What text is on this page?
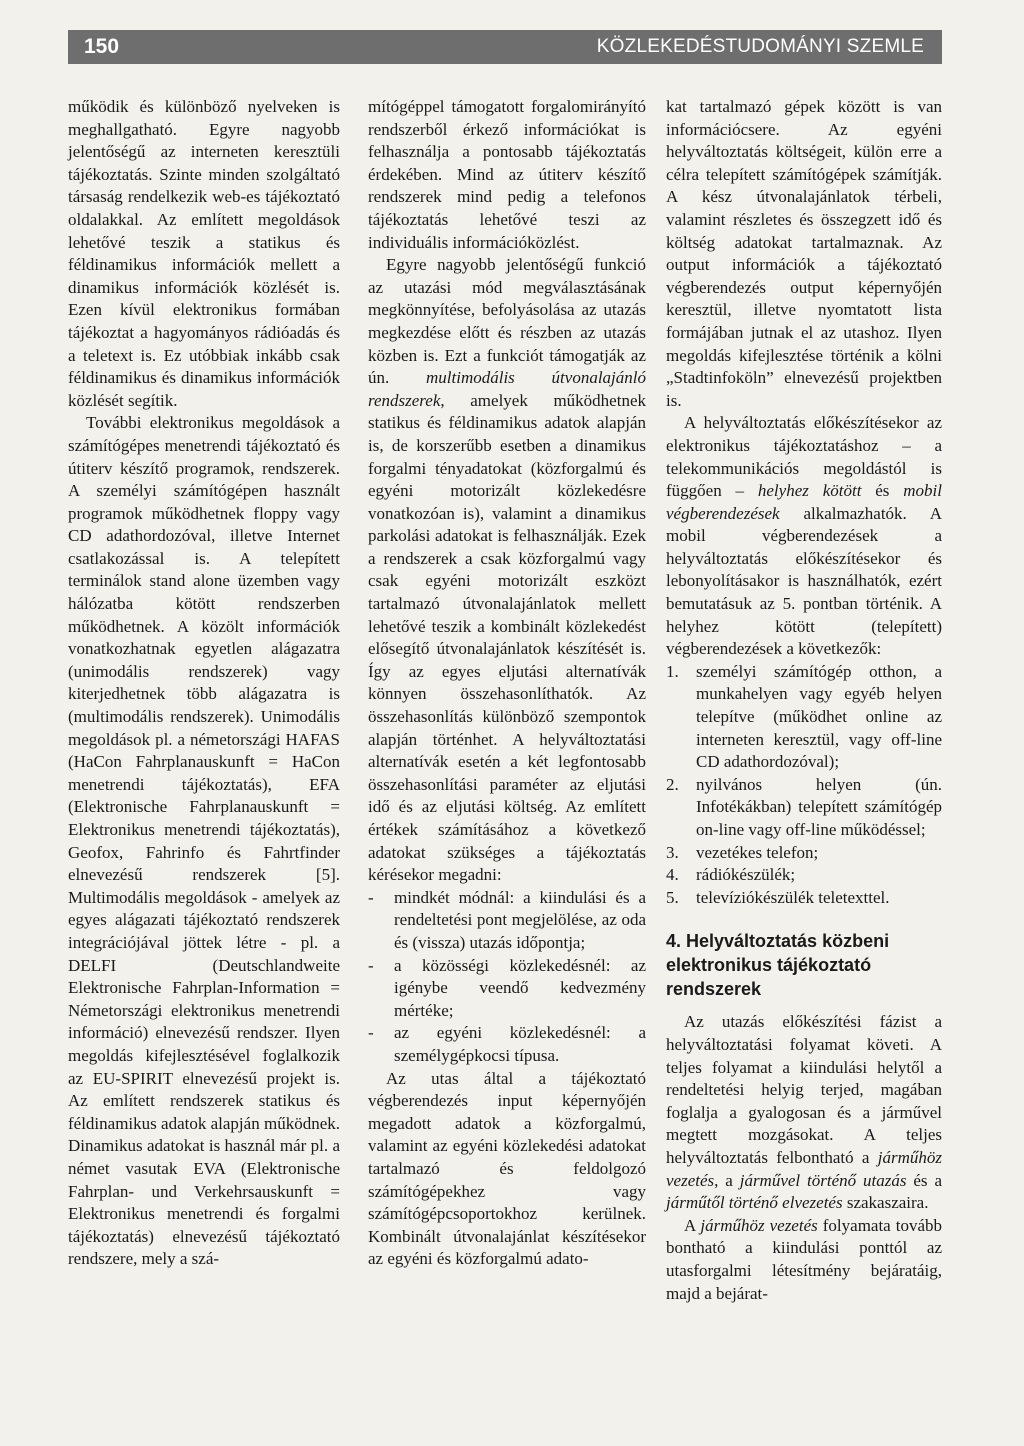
150	KÖZLEKEDÉSTUDOMÁNYI SZEMLE

működik és különböző nyelveken is meghallgatható. Egyre nagyobb jelentőségű az interneten keresztüli tájékoztatás. Szinte minden szolgáltató társaság rendelkezik web-es tájékoztató oldalakkal. Az említett megoldások lehetővé teszik a statikus és féldinamikus információk mellett a dinamikus információk közlését is. Ezen kívül elektronikus formában tájékoztat a hagyományos rádióadás és a teletext is. Ez utóbbiak inkább csak féldinamikus és dinamikus információk közlését segítik.

További elektronikus megoldások a számítógépes menetrendi tájékoztató és útiterv készítő programok, rendszerek. A személyi számítógépen használt programok működhetnek floppy vagy CD adathordozóval, illetve Internet csatlakozással is. A telepített terminálok stand alone üzemben vagy hálózatba kötött rendszerben működhetnek. A közölt információk vonatkozhatnak egyetlen alágazatra (unimodális rendszerek) vagy kiterjedhetnek több alágazatra is (multimodális rendszerek). Unimodális megoldások pl. a németországi HAFAS (HaCon Fahrplanauskunft = HaCon menetrendi tájékoztatás), EFA (Elektronische Fahrplanauskunft = Elektronikus menetrendi tájékoztatás), Geofox, Fahrinfo és Fahrtfinder elnevezésű rendszerek [5]. Multimodális megoldások - amelyek az egyes alágazati tájékoztató rendszerek integrációjával jöttek létre - pl. a DELFI (Deutschlandweite Elektronische Fahrplan-Information = Németországi elektronikus menetrendi információ) elnevezésű rendszer. Ilyen megoldás kifejlesztésével foglalkozik az EU-SPIRIT elnevezésű projekt is. Az említett rendszerek statikus és féldinamikus adatok alapján működnek. Dinamikus adatokat is használ már pl. a német vasutak EVA (Elektronische Fahrplan- und Verkehrsauskunft = Elektronikus menetrendi és forgalmi tájékoztatás) elnevezésű tájékoztató rendszere, mely a szá-

mítógéppel támogatott forgalomirányító rendszerből érkező információkat is felhasználja a pontosabb tájékoztatás érdekében. Mind az útiterv készítő rendszerek mind pedig a telefonos tájékoztatás lehetővé teszi az individuális információközlést.

Egyre nagyobb jelentőségű funkció az utazási mód megválasztásának megkönnyítése, befolyásolása az utazás megkezdése előtt és részben az utazás közben is. Ezt a funkciót támogatják az ún. multimodális útvonalajánló rendszerek, amelyek működhetnek statikus és féldinamikus adatok alapján is, de korszerűbb esetben a dinamikus forgalmi tényadatokat (közforgalmú és egyéni motorizált közlekedésre vonatkozóan is), valamint a dinamikus parkolási adatokat is felhasználják. Ezek a rendszerek a csak közforgalmú vagy csak egyéni motorizált eszközt tartalmazó útvonalajánlatok mellett lehetővé teszik a kombinált közlekedést elősegítő útvonalajánlatok készítését is. Így az egyes eljutási alternatívák könnyen összehasonlíthatók. Az összehasonlítás különböző szempontok alapján történhet. A helyváltoztatási alternatívák esetén a két legfontosabb összehasonlítási paraméter az eljutási idő és az eljutási költség. Az említett értékek számításához a következő adatokat szükséges a tájékoztatás kérésekor megadni:

- mindkét módnál: a kiindulási és a rendeltetési pont megjelölése, az oda és (vissza) utazás időpontja;
- a közösségi közlekedésnél: az igénybe veendő kedvezmény mértéke;
- az egyéni közlekedésnél: a személygépkocsi típusa.

Az utas által a tájékoztató végberendezés input képernyőjén megadott adatok a közforgalmú, valamint az egyéni közlekedési adatokat tartalmazó és feldolgozó számítógépekhez vagy számítógépcsoportokhoz kerülnek. Kombinált útvonalajánlat készítésekor az egyéni és közforgalmú adato-

kat tartalmazó gépek között is van információcsere. Az egyéni helyváltoztatás költségeit, külön erre a célra telepített számítógépek számítják. A kész útvonalajánlatok térbeli, valamint részletes és összegzett idő és költség adatokat tartalmaznak. Az output információk a tájékoztató végberendezés output képernyőjén keresztül, illetve nyomtatott lista formájában jutnak el az utashoz. Ilyen megoldás kifejlesztése történik a kölni „Stadtinfoköln” elnevezésű projektben is.

A helyváltoztatás előkészítésekor az elektronikus tájékoztatáshoz – a telekommunikációs megoldástól is függően – helyhez kötött és mobil végberendezések alkalmazhatók. A mobil végberendezések a helyváltoztatás előkészítésekor és lebonyolításakor is használhatók, ezért bemutatásuk az 5. pontban történik. A helyhez kötött (telepített) végberendezések a következők:

1. személyi számítógép otthon, a munkahelyen vagy egyéb helyen telepítve (működhet online az interneten keresztül, vagy off-line CD adathordozóval);
2. nyilvános helyen (ún. Infotékákban) telepített számítógép on-line vagy off-line működéssel;
3. vezetékes telefon;
4. rádiókészülék;
5. televíziókészülék teletexttel.
4. Helyváltoztatás közbeni elektronikus tájékoztató rendszerek

Az utazás előkészítési fázist a helyváltoztatási folyamat követi. A teljes folyamat a kiindulási helytől a rendeltetési helyig terjed, magában foglalja a gyalogosan és a járművel megtett mozgásokat. A teljes helyváltoztatás felbontható a járműhöz vezetés, a járművel történő utazás és a járműtől történő elvezetés szakaszaira.

A járműhöz vezetés folyamata tovább bontható a kiindulási ponttól az utasforgalmi létesítmény bejáratáig, majd a bejárat-
